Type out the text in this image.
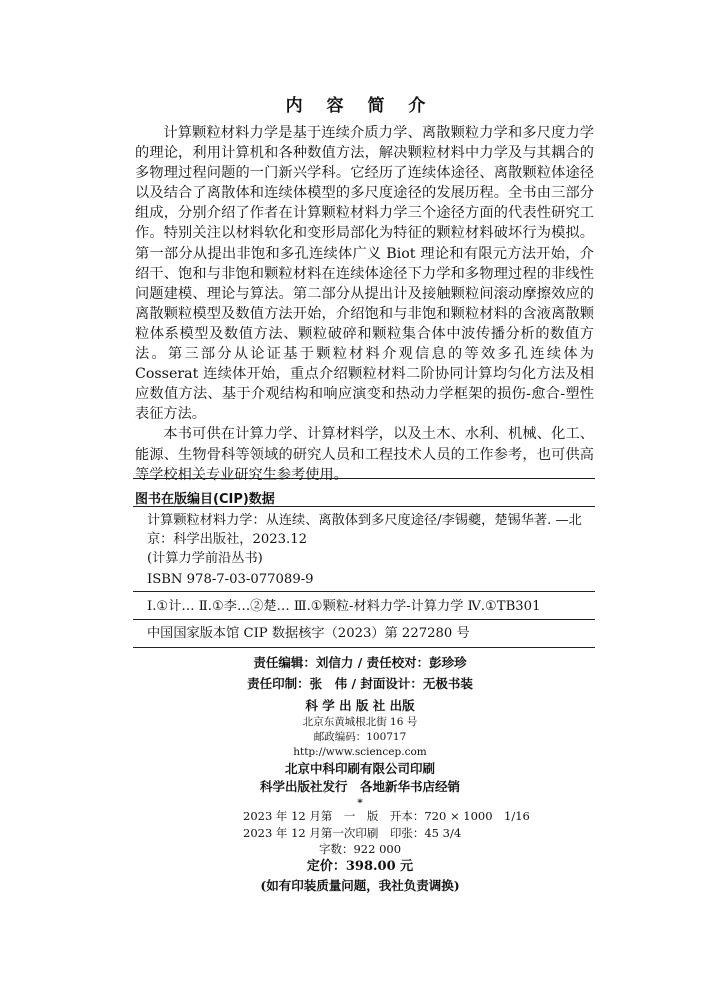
内 容 简 介

计算颗粒材料力学是基于连续介质力学、离散颗粒力学和多尺度力学的理论，利用计算机和各种数值方法，解决颗粒材料中力学及与其耦合的多物理过程问题的一门新兴学科。它经历了连续体途径、离散颗粒体途径以及结合了离散体和连续体模型的多尺度途径的发展历程。全书由三部分组成，分别介绍了作者在计算颗粒材料力学三个途径方面的代表性研究工作。特别关注以材料软化和变形局部化为特征的颗粒材料破坏行为模拟。第一部分从提出非饱和多孔连续体广义 Biot 理论和有限元方法开始，介绍干、饱和与非饱和颗粒材料在连续体途径下力学和多物理过程的非线性问题建模、理论与算法。第二部分从提出计及接触颗粒间滚动摩擦效应的离散颗粒模型及数值方法开始，介绍饱和与非饱和颗粒材料的含液离散颗粒体系模型及数值方法、颗粒破碎和颗粒集合体中波传播分析的数值方法。第三部分从论证基于颗粒材料介观信息的等效多孔连续体为 Cosserat 连续体开始，重点介绍颗粒材料二阶协同计算均匀化方法及相应数值方法、基于介观结构和响应演变和热动力学框架的损伤-愈合-塑性表征方法。

本书可供在计算力学、计算材料学，以及土木、水利、机械、化工、能源、生物骨科等领域的研究人员和工程技术人员的工作参考，也可供高等学校相关专业研究生参考使用。

图书在版编目(CIP)数据
计算颗粒材料力学：从连续、离散体到多尺度途径/李锡夔，楚锡华著. —北京：科学出版社，2023.12
(计算力学前沿丛书)
ISBN 978-7-03-077089-9
Ⅰ.①计… Ⅱ.①李…②楚… Ⅲ.①颗粒-材料力学-计算力学 Ⅳ.①TB301
中国国家版本馆 CIP 数据核字（2023）第 227280 号
责任编辑：刘信力 / 责任校对：彭珍珍
责任印制：张　伟 / 封面设计：无极书装
科 学 出 版 社 出版
北京东黄城根北街 16 号
邮政编码：100717
http://www.sciencep.com
北京中科印刷有限公司印刷
科学出版社发行　各地新华书店经销
*
2023 年 12 月第　一　版　开本：720 × 1000　1/16
2023 年 12 月第一次印刷　印张：45 3/4
字数：922 000
定价：398.00 元
(如有印装质量问题，我社负责调换)
